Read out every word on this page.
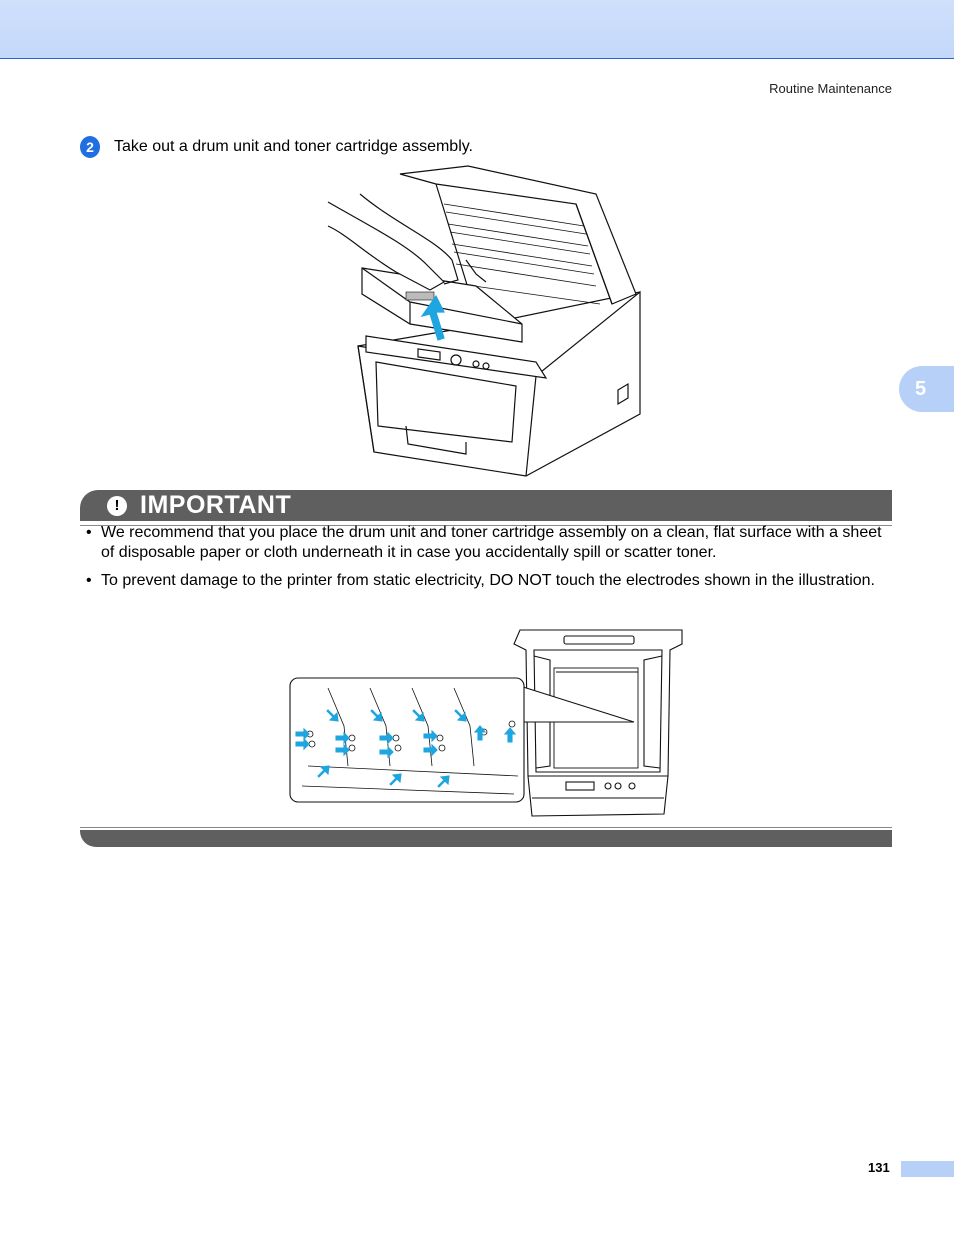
Routine Maintenance
2	Take out a drum unit and toner cartridge assembly.
5
! IMPORTANT
• We recommend that you place the drum unit and toner cartridge assembly on a clean, flat surface with a sheet of disposable paper or cloth underneath it in case you accidentally spill or scatter toner.
• To prevent damage to the printer from static electricity, DO NOT touch the electrodes shown in the illustration.
131
